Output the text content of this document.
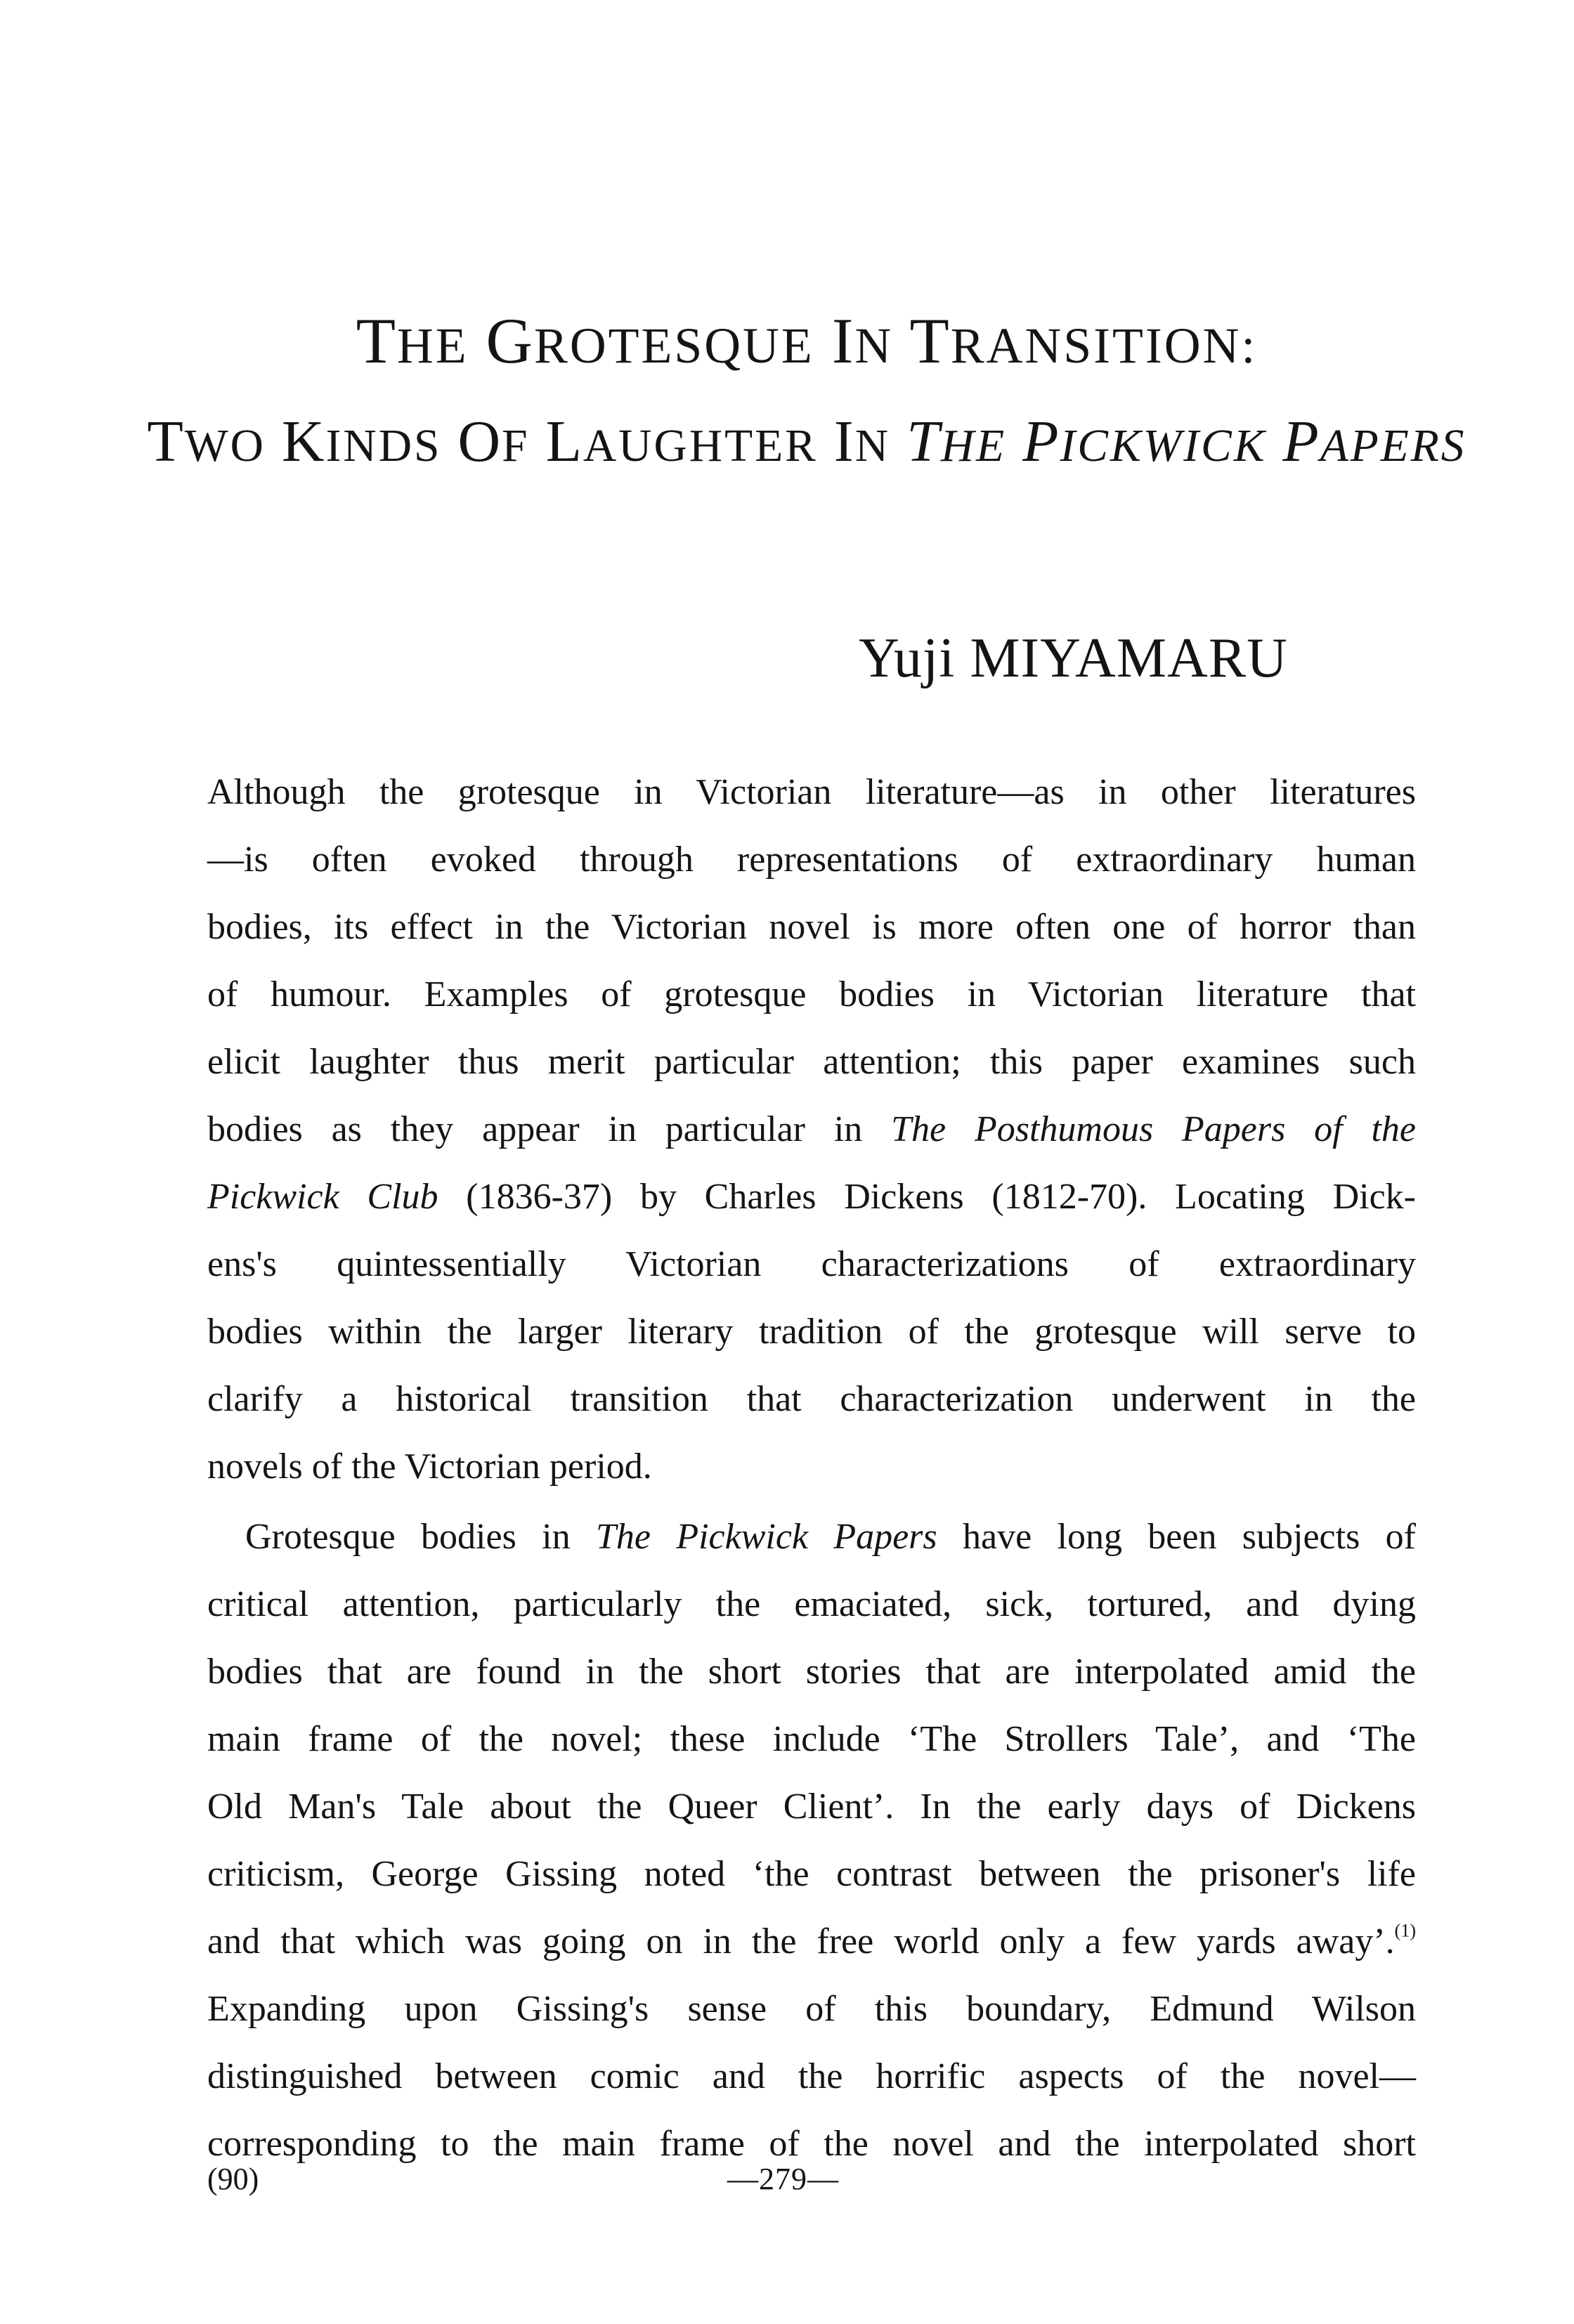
THE GROTESQUE IN TRANSITION:
TWO KINDS OF LAUGHTER IN THE PICKWICK PAPERS
Yuji MIYAMARU
Although the grotesque in Victorian literature—as in other literatures
—is often evoked through representations of extraordinary human
bodies, its effect in the Victorian novel is more often one of horror than
of humour. Examples of grotesque bodies in Victorian literature that
elicit laughter thus merit particular attention; this paper examines such
bodies as they appear in particular in The Posthumous Papers of the
Pickwick Club (1836-37) by Charles Dickens (1812-70). Locating Dick-
ens's quintessentially Victorian characterizations of extraordinary
bodies within the larger literary tradition of the grotesque will serve to
clarify a historical transition that characterization underwent in the
novels of the Victorian period.
Grotesque bodies in The Pickwick Papers have long been subjects of
critical attention, particularly the emaciated, sick, tortured, and dying
bodies that are found in the short stories that are interpolated amid the
main frame of the novel; these include ‘The Strollers Tale’, and ‘The
Old Man's Tale about the Queer Client’. In the early days of Dickens
criticism, George Gissing noted ‘the contrast between the prisoner's life
and that which was going on in the free world only a few yards away’.$^{(1)}$
Expanding upon Gissing's sense of this boundary, Edmund Wilson
distinguished between comic and the horrific aspects of the novel—
corresponding to the main frame of the novel and the interpolated short
(90)	—279—
